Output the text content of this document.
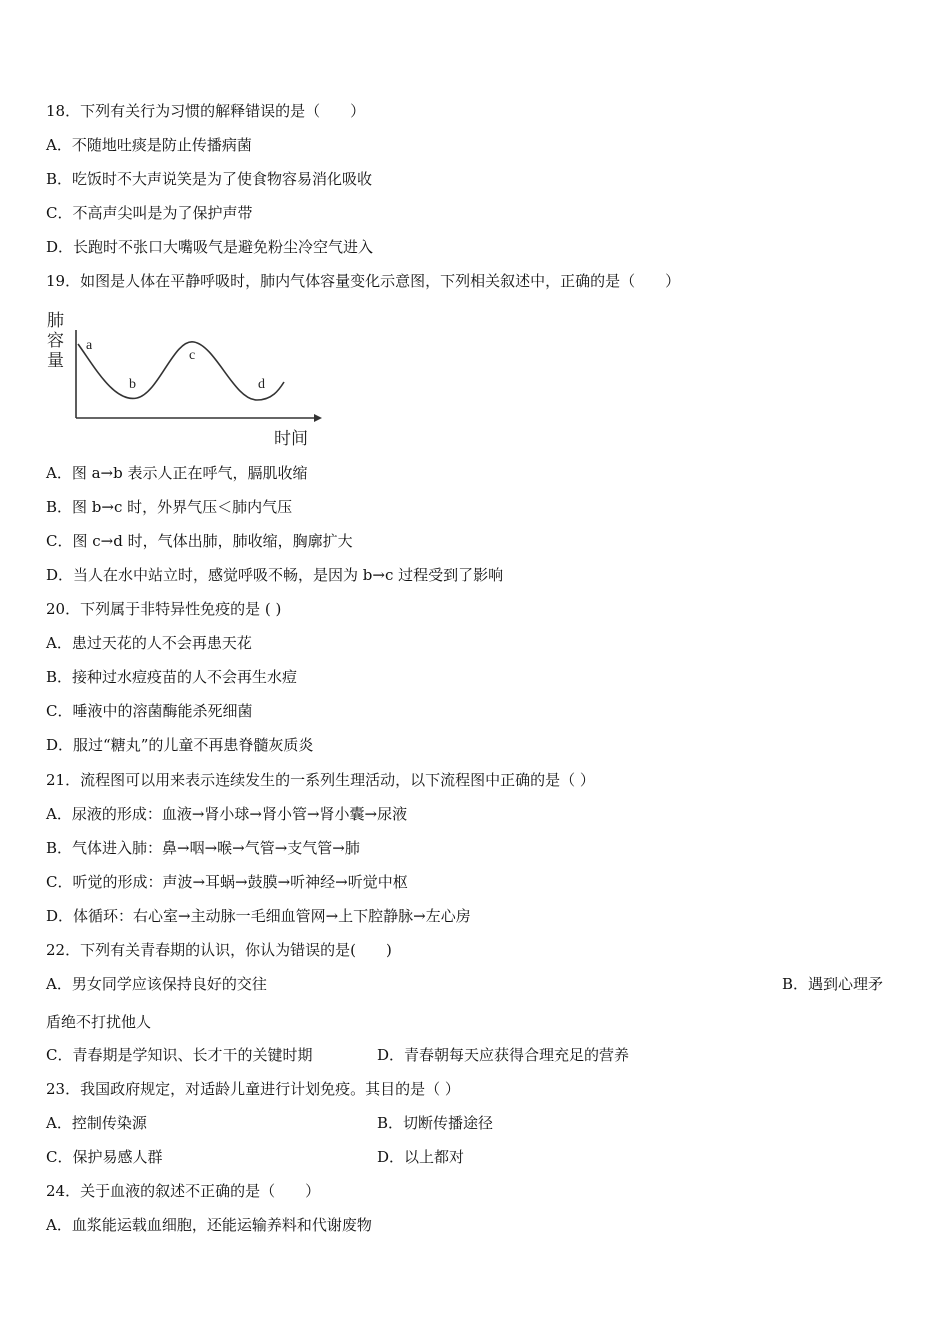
18．下列有关行为习惯的解释错误的是（　　）
A．不随地吐痰是防止传播病菌
B．吃饭时不大声说笑是为了使食物容易消化吸收
C．不高声尖叫是为了保护声带
D．长跑时不张口大嘴吸气是避免粉尘冷空气进入
19．如图是人体在平静呼吸时，肺内气体容量变化示意图，下列相关叙述中，正确的是（　　）
肺
容
量
a
b
c
d
时间
A．图 a→b 表示人正在呼气，膈肌收缩
B．图 b→c 时，外界气压＜肺内气压
C．图 c→d 时，气体出肺，肺收缩，胸廓扩大
D．当人在水中站立时，感觉呼吸不畅，是因为 b→c 过程受到了影响
20．下列属于非特异性免疫的是 ( )
A．患过天花的人不会再患天花
B．接种过水痘疫苗的人不会再生水痘
C．唾液中的溶菌酶能杀死细菌
D．服过“糖丸”的儿童不再患脊髓灰质炎
21．流程图可以用来表示连续发生的一系列生理活动，以下流程图中正确的是（ ）
A．尿液的形成：血液→肾小球→肾小管→肾小囊→尿液
B．气体进入肺：鼻→咽→喉→气管→支气管→肺
C．听觉的形成：声波→耳蜗→鼓膜→听神经→听觉中枢
D．体循环：右心室→主动脉一毛细血管网→上下腔静脉→左心房
22．下列有关青春期的认识，你认为错误的是(　　)
A．男女同学应该保持良好的交往	B．遇到心理矛
盾绝不打扰他人
C．青春期是学知识、长才干的关键时期	D．青春朝每天应获得合理充足的营养
23．我国政府规定，对适龄儿童进行计划免疫。其目的是（ ）
A．控制传染源	B．切断传播途径
C．保护易感人群	D．以上都对
24．关于血液的叙述不正确的是（　　）
A．血浆能运载血细胞，还能运输养料和代谢废物
